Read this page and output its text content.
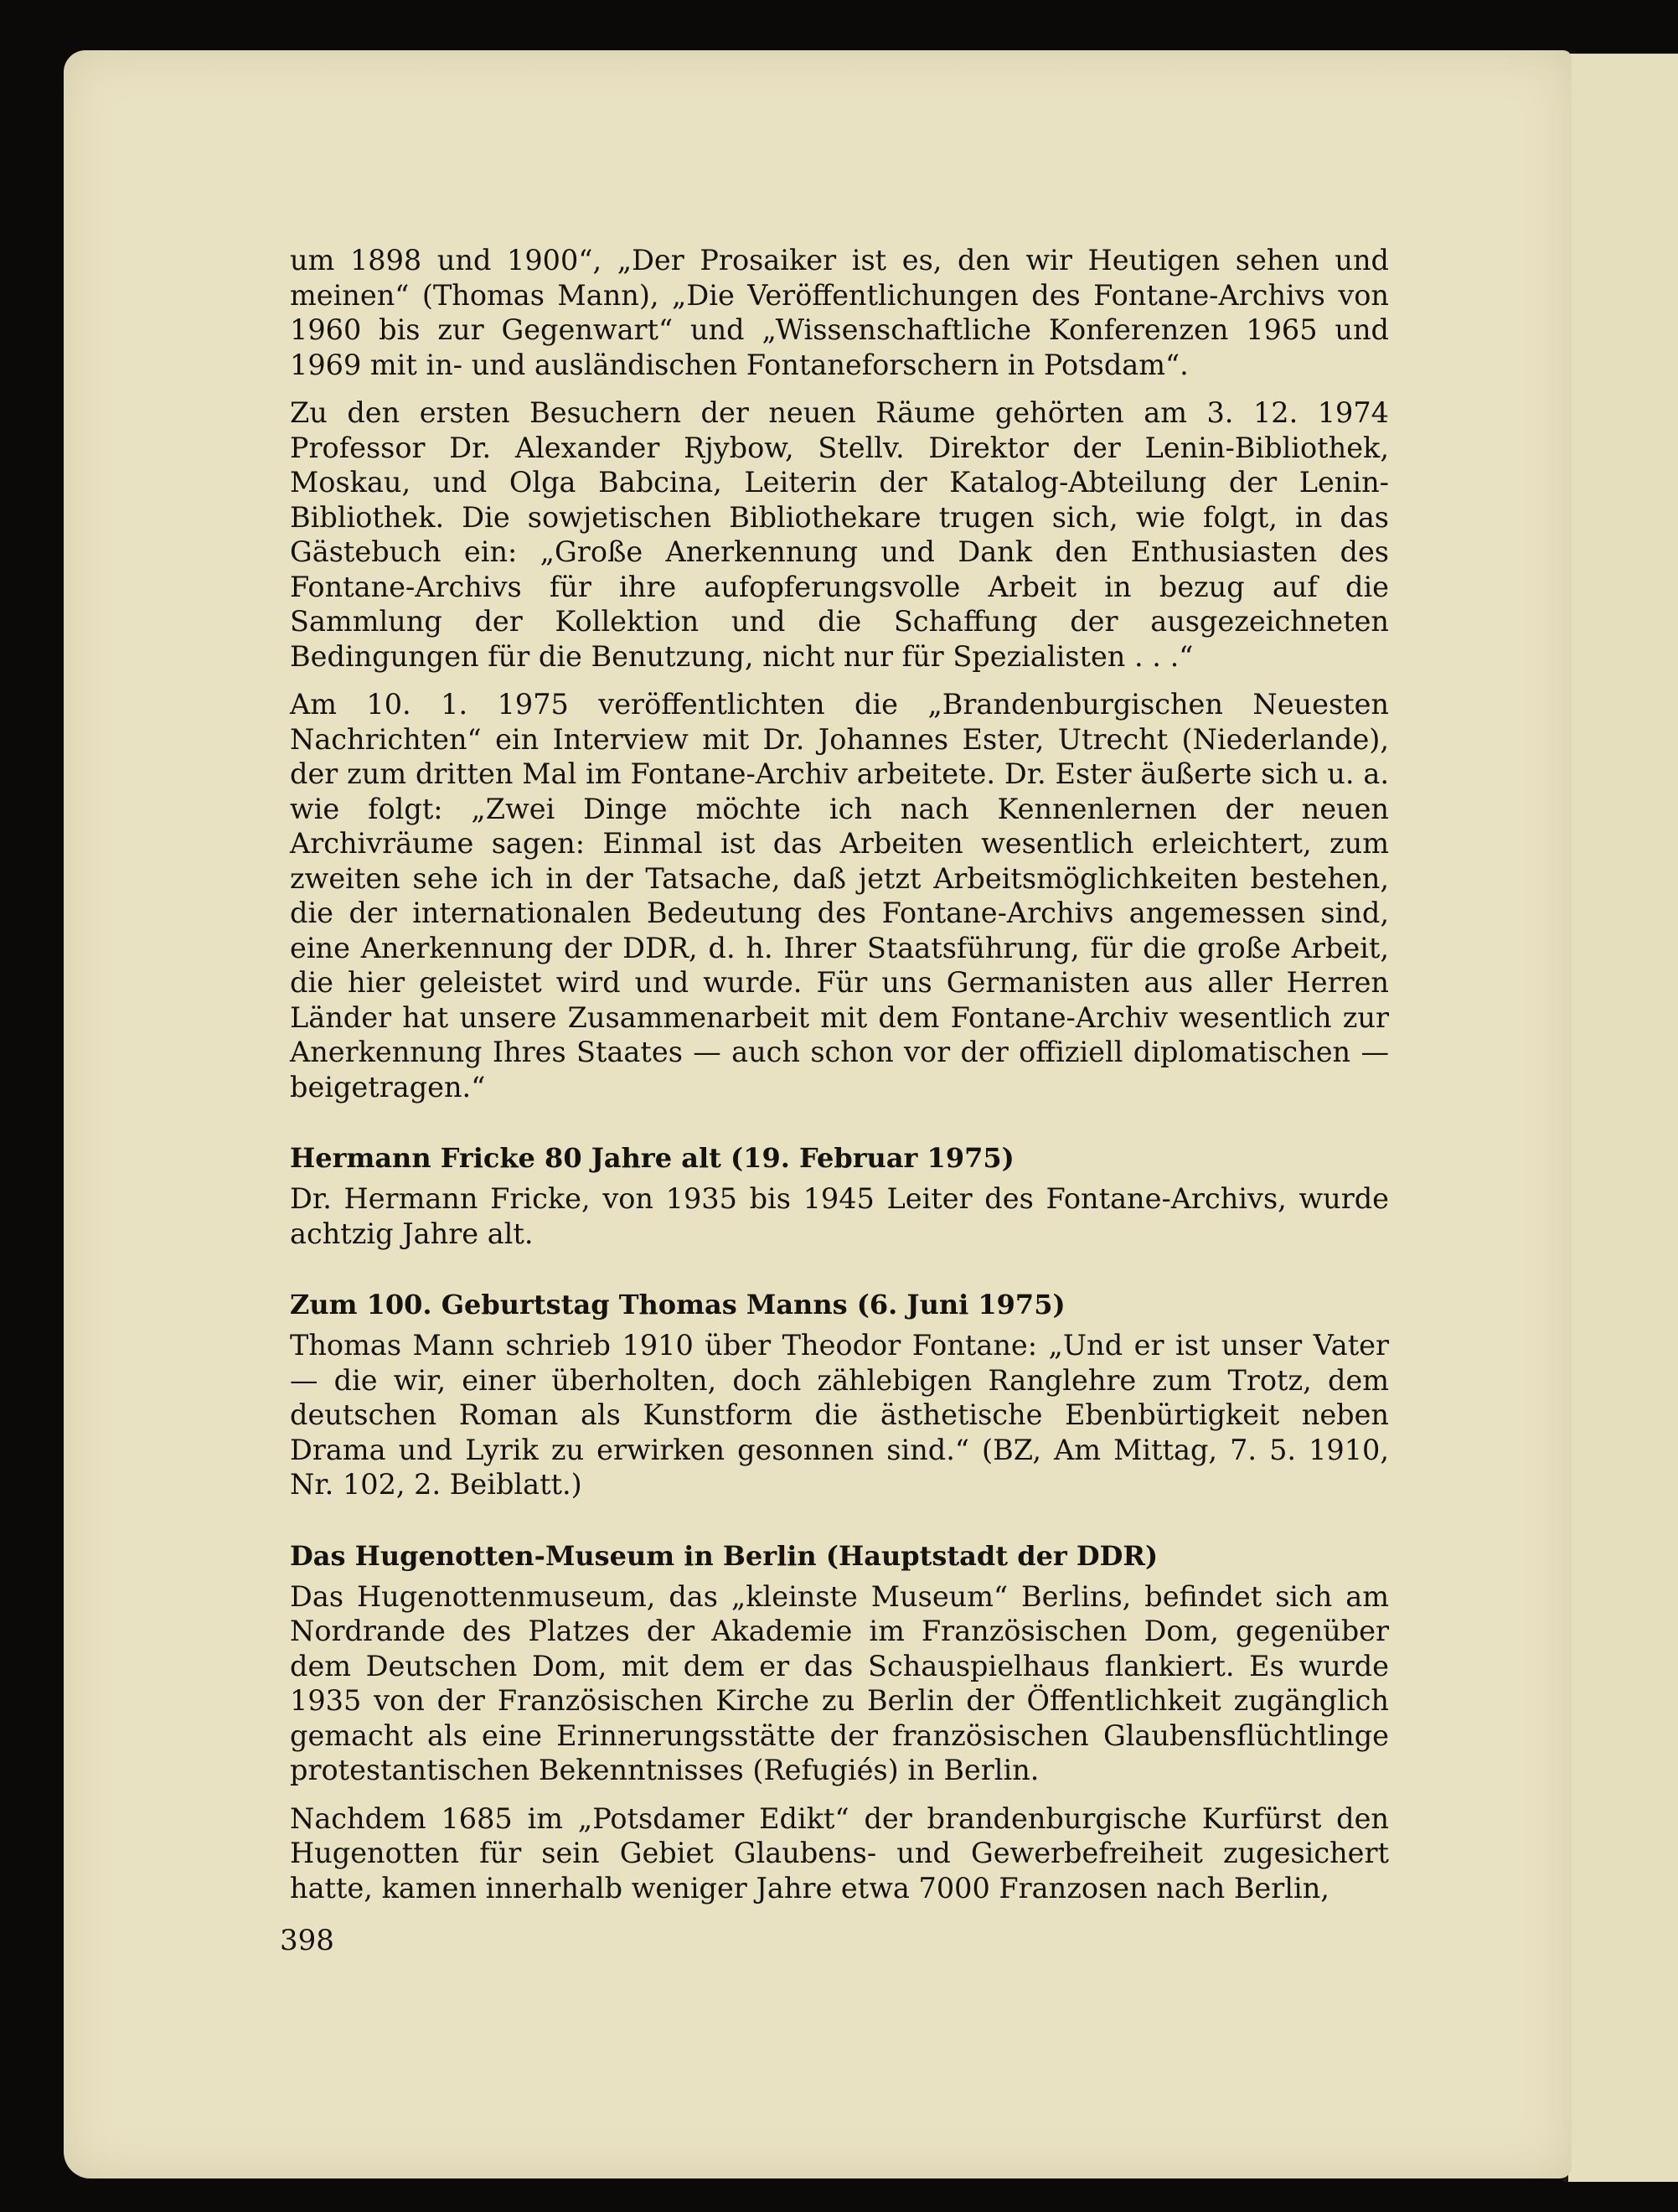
um 1898 und 1900“, „Der Prosaiker ist es, den wir Heutigen sehen und meinen“ (Thomas Mann), „Die Veröffentlichungen des Fontane-Archivs von 1960 bis zur Gegenwart“ und „Wissenschaftliche Konferenzen 1965 und 1969 mit in- und ausländischen Fontaneforschern in Potsdam“.

Zu den ersten Besuchern der neuen Räume gehörten am 3. 12. 1974 Professor Dr. Alexander Rjybow, Stellv. Direktor der Lenin-Bibliothek, Moskau, und Olga Babcina, Leiterin der Katalog-Abteilung der Lenin-Bibliothek. Die sowjetischen Bibliothekare trugen sich, wie folgt, in das Gästebuch ein: „Große Anerkennung und Dank den Enthusiasten des Fontane-Archivs für ihre aufopferungsvolle Arbeit in bezug auf die Sammlung der Kollektion und die Schaffung der ausgezeichneten Bedingungen für die Benutzung, nicht nur für Spezialisten . . .“

Am 10. 1. 1975 veröffentlichten die „Brandenburgischen Neuesten Nachrichten“ ein Interview mit Dr. Johannes Ester, Utrecht (Niederlande), der zum dritten Mal im Fontane-Archiv arbeitete. Dr. Ester äußerte sich u. a. wie folgt: „Zwei Dinge möchte ich nach Kennenlernen der neuen Archivräume sagen: Einmal ist das Arbeiten wesentlich erleichtert, zum zweiten sehe ich in der Tatsache, daß jetzt Arbeitsmöglichkeiten bestehen, die der internationalen Bedeutung des Fontane-Archivs angemessen sind, eine Anerkennung der DDR, d. h. Ihrer Staatsführung, für die große Arbeit, die hier geleistet wird und wurde. Für uns Germanisten aus aller Herren Länder hat unsere Zusammenarbeit mit dem Fontane-Archiv wesentlich zur Anerkennung Ihres Staates — auch schon vor der offiziell diplomatischen — beigetragen.“

Hermann Fricke 80 Jahre alt (19. Februar 1975)

Dr. Hermann Fricke, von 1935 bis 1945 Leiter des Fontane-Archivs, wurde achtzig Jahre alt.

Zum 100. Geburtstag Thomas Manns (6. Juni 1975)

Thomas Mann schrieb 1910 über Theodor Fontane: „Und er ist unser Vater — die wir, einer überholten, doch zählebigen Ranglehre zum Trotz, dem deutschen Roman als Kunstform die ästhetische Ebenbürtigkeit neben Drama und Lyrik zu erwirken gesonnen sind.“ (BZ, Am Mittag, 7. 5. 1910, Nr. 102, 2. Beiblatt.)

Das Hugenotten-Museum in Berlin (Hauptstadt der DDR)

Das Hugenottenmuseum, das „kleinste Museum“ Berlins, befindet sich am Nordrande des Platzes der Akademie im Französischen Dom, gegenüber dem Deutschen Dom, mit dem er das Schauspielhaus flankiert. Es wurde 1935 von der Französischen Kirche zu Berlin der Öffentlichkeit zugänglich gemacht als eine Erinnerungsstätte der französischen Glaubensflüchtlinge protestantischen Bekenntnisses (Refugiés) in Berlin.

Nachdem 1685 im „Potsdamer Edikt“ der brandenburgische Kurfürst den Hugenotten für sein Gebiet Glaubens- und Gewerbefreiheit zugesichert hatte, kamen innerhalb weniger Jahre etwa 7000 Franzosen nach Berlin,

398
